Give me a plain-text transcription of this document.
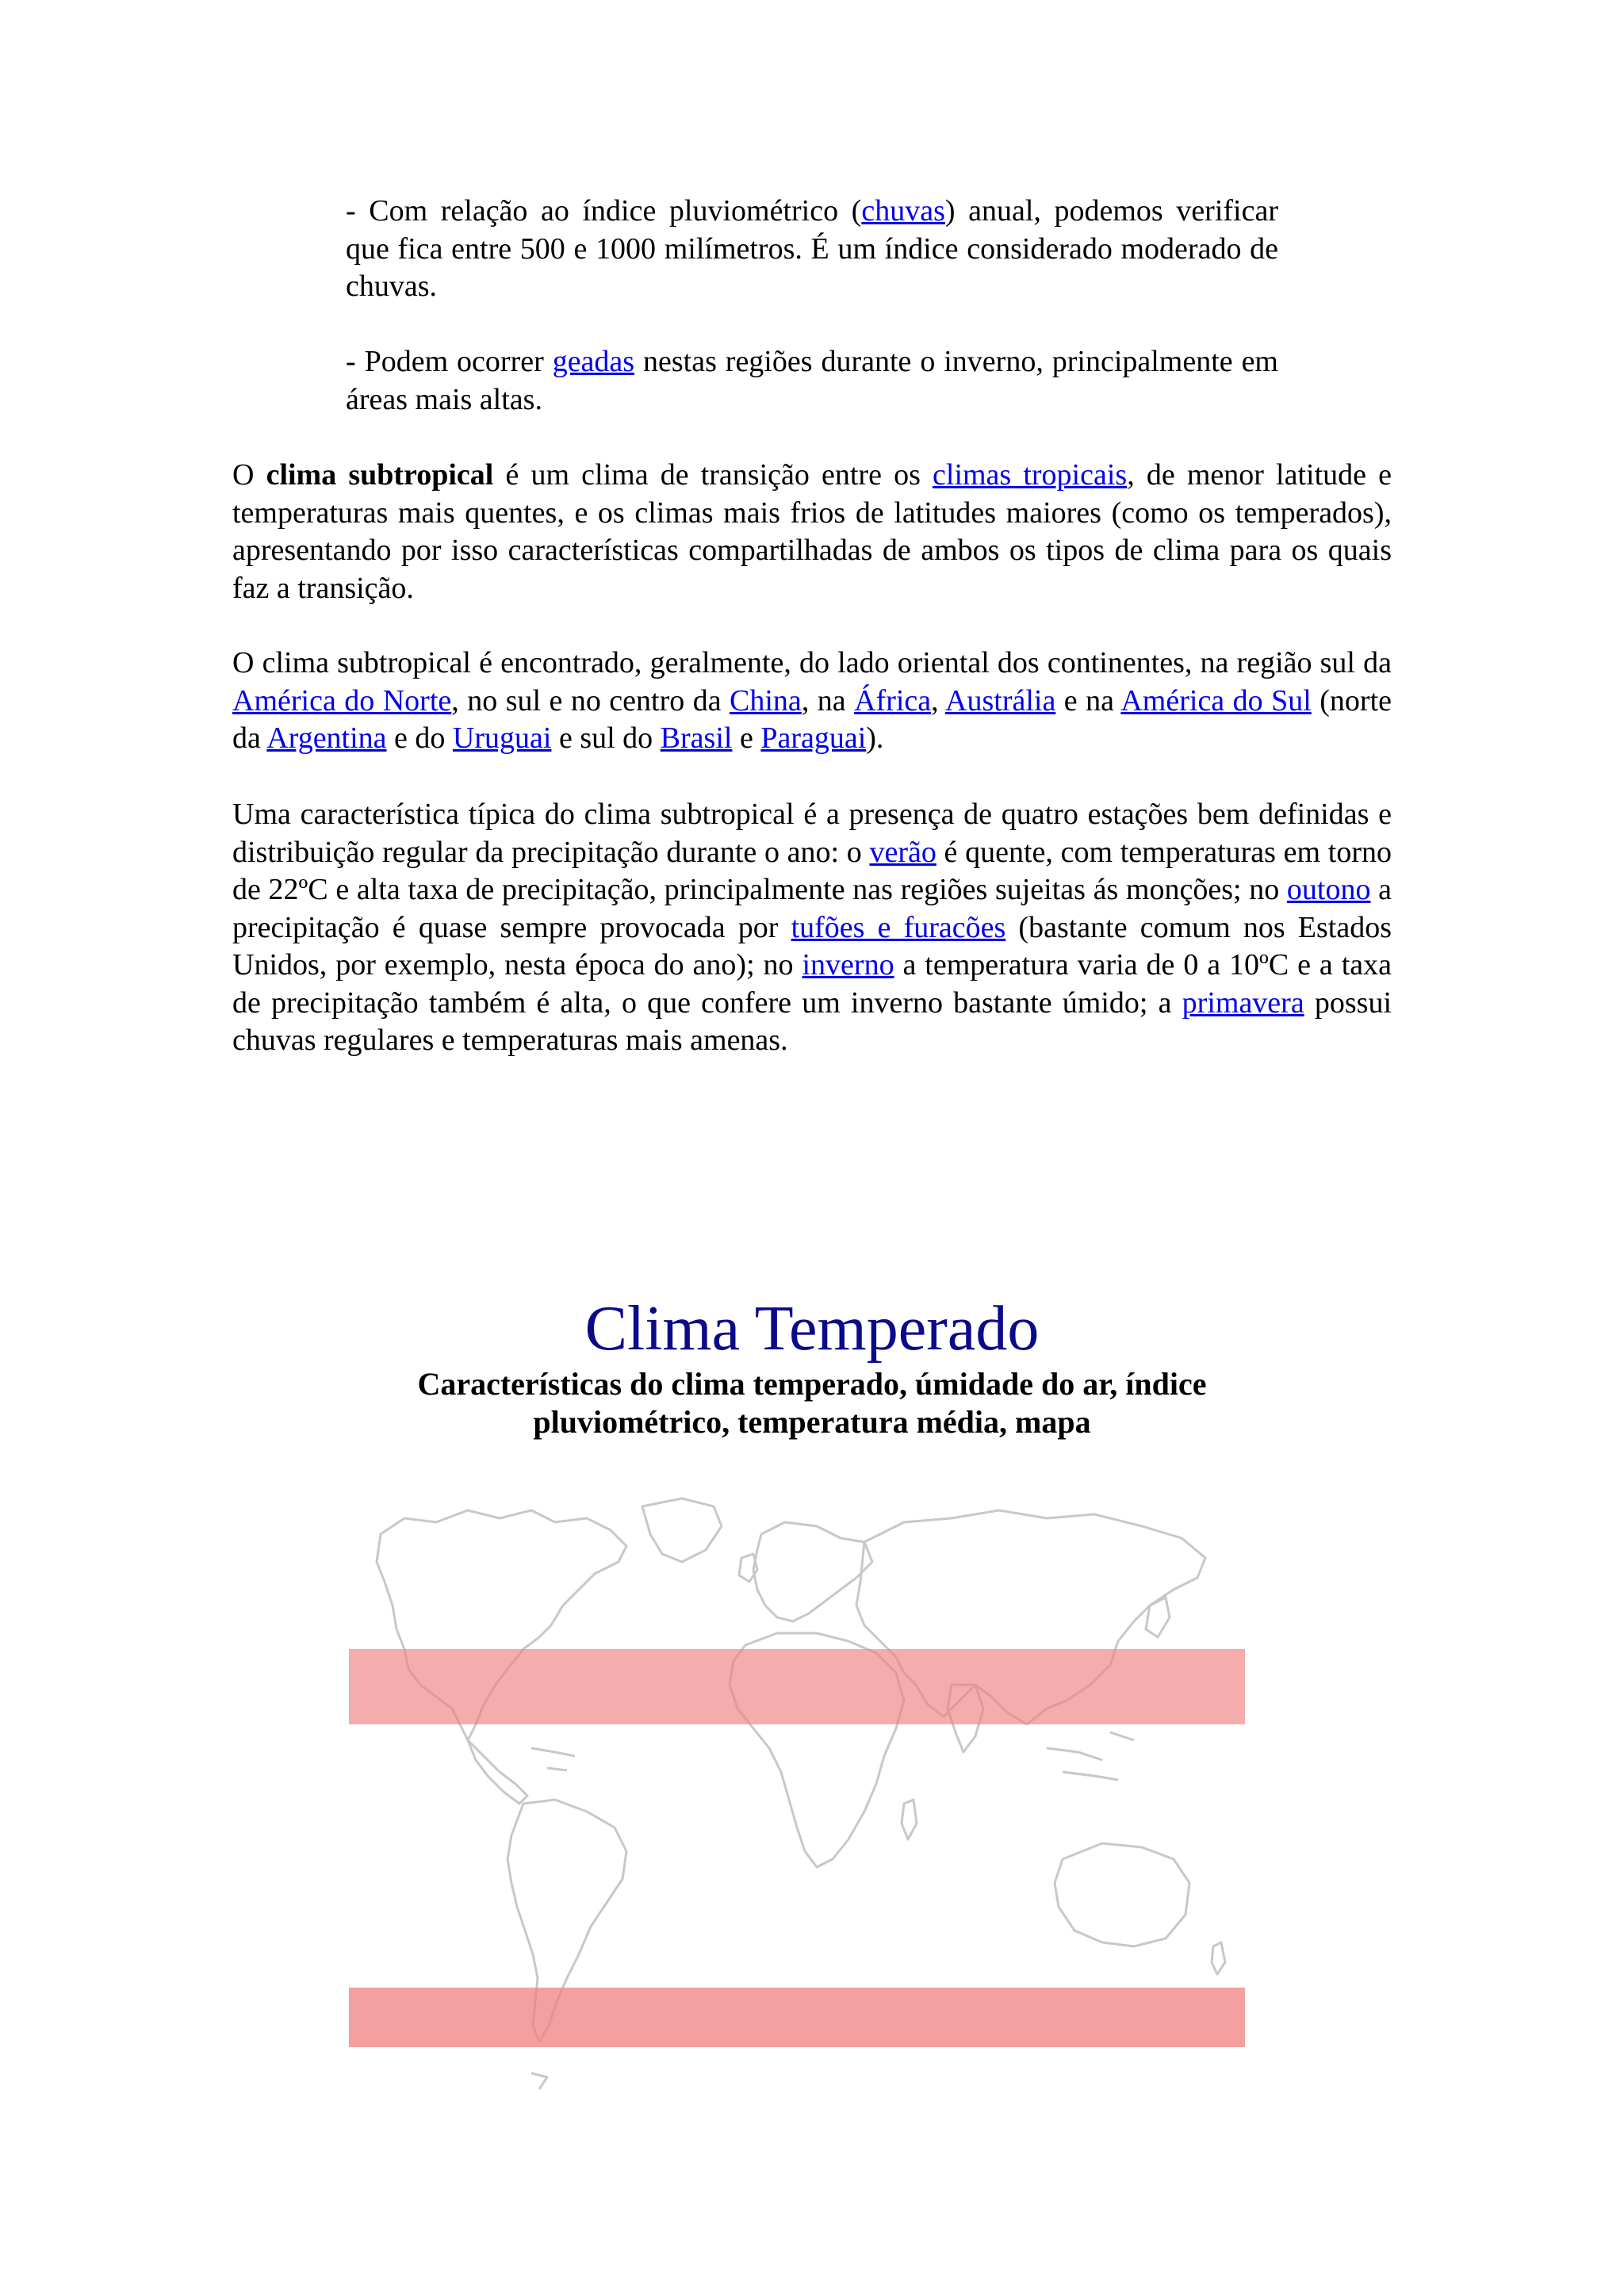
- Com relação ao índice pluviométrico (chuvas) anual, podemos verificar que fica entre 500 e 1000 milímetros. É um índice considerado moderado de chuvas.

- Podem ocorrer geadas nestas regiões durante o inverno, principalmente em áreas mais altas.

O clima subtropical é um clima de transição entre os climas tropicais, de menor latitude e temperaturas mais quentes, e os climas mais frios de latitudes maiores (como os temperados), apresentando por isso características compartilhadas de ambos os tipos de clima para os quais faz a transição.

O clima subtropical é encontrado, geralmente, do lado oriental dos continentes, na região sul da América do Norte, no sul e no centro da China, na África, Austrália e na América do Sul (norte da Argentina e do Uruguai e sul do Brasil e Paraguai).

Uma característica típica do clima subtropical é a presença de quatro estações bem definidas e distribuição regular da precipitação durante o ano: o verão é quente, com temperaturas em torno de 22ºC e alta taxa de precipitação, principalmente nas regiões sujeitas ás monções; no outono a precipitação é quase sempre provocada por tufões e furacões (bastante comum nos Estados Unidos, por exemplo, nesta época do ano); no inverno a temperatura varia de 0 a 10ºC e a taxa de precipitação também é alta, o que confere um inverno bastante úmido; a primavera possui chuvas regulares e temperaturas mais amenas.

Clima Temperado
Características do clima temperado, úmidade do ar, índice pluviométrico, temperatura média, mapa
